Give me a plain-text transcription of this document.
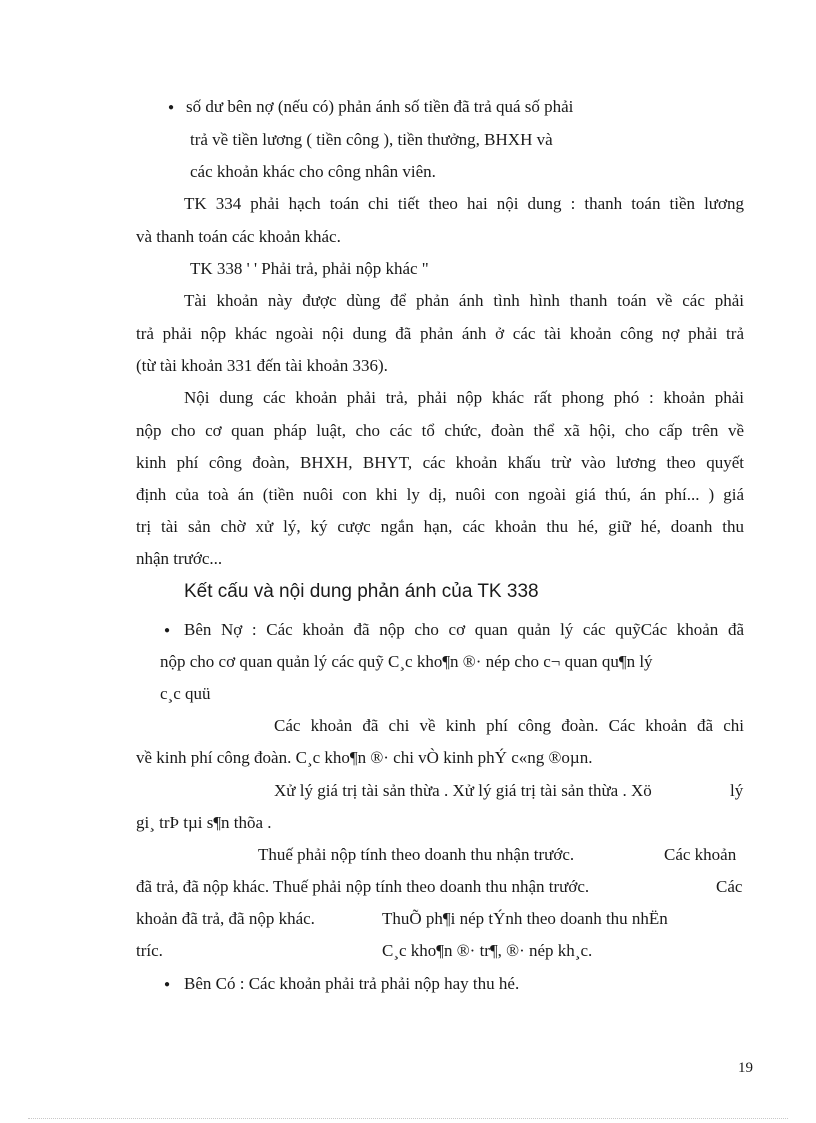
● số dư bên nợ (nếu có) phản ánh số tiền đã trả quá số phải
trả về tiền lương ( tiền công ), tiền thưởng, BHXH và
các khoản khác cho công nhân viên.
TK 334 phải hạch toán chi tiết theo hai nội dung : thanh toán tiền lương
và thanh toán các khoản khác.
TK 338 ' ' Phải trả, phải nộp khác "
Tài khoản này được dùng để phản ánh tình hình thanh toán về các phải
trả phải nộp khác ngoài nội dung đã phản ánh ở các tài khoản công nợ phải trả
(từ tài khoản 331 đến tài khoản 336).
Nội dung các khoản phải trả, phải nộp khác rất phong phó : khoản phải
nộp cho cơ quan pháp luật, cho các tổ chức, đoàn thể xã hội, cho cấp trên về
kinh phí công đoàn, BHXH, BHYT, các khoản khấu trừ vào lương theo quyết
định của toà án (tiền nuôi con khi ly dị, nuôi con ngoài giá thú, án phí... ) giá
trị tài sản chờ xử lý, ký cược ngắn hạn, các khoản thu hé, giữ hé, doanh thu
nhận trước...
Kết cấu và nội dung phản ánh của TK 338
● Bên Nợ : Các khoản đã nộp cho cơ quan quản lý các quỹCác khoản đã
nộp cho cơ quan quản lý các quỹ C¸c kho¶n ®· nép cho c¬ quan qu¶n lý
c¸c quü
Các khoản đã chi về kinh phí công đoàn. Các khoản đã chi
về kinh phí công đoàn. C¸c kho¶n ®· chi vÒ kinh phÝ c«ng ®oµn.
Xử lý giá trị tài sản thừa . Xử lý giá trị tài sản thừa . Xö	lý
gi¸ trÞ tµi s¶n thõa .
Thuế phải nộp tính theo doanh thu nhận trước.	Các khoản
đã trả, đã nộp khác. Thuế phải nộp tính theo doanh thu nhận trước.	Các
khoản đã trả, đã nộp khác.	ThuÕ ph¶i nép tÝnh theo doanh thu nhËn
tríc.	C¸c kho¶n ®· tr¶, ®· nép kh¸c.
● Bên Có : Các khoản phải trả phải nộp hay thu hé.
19
